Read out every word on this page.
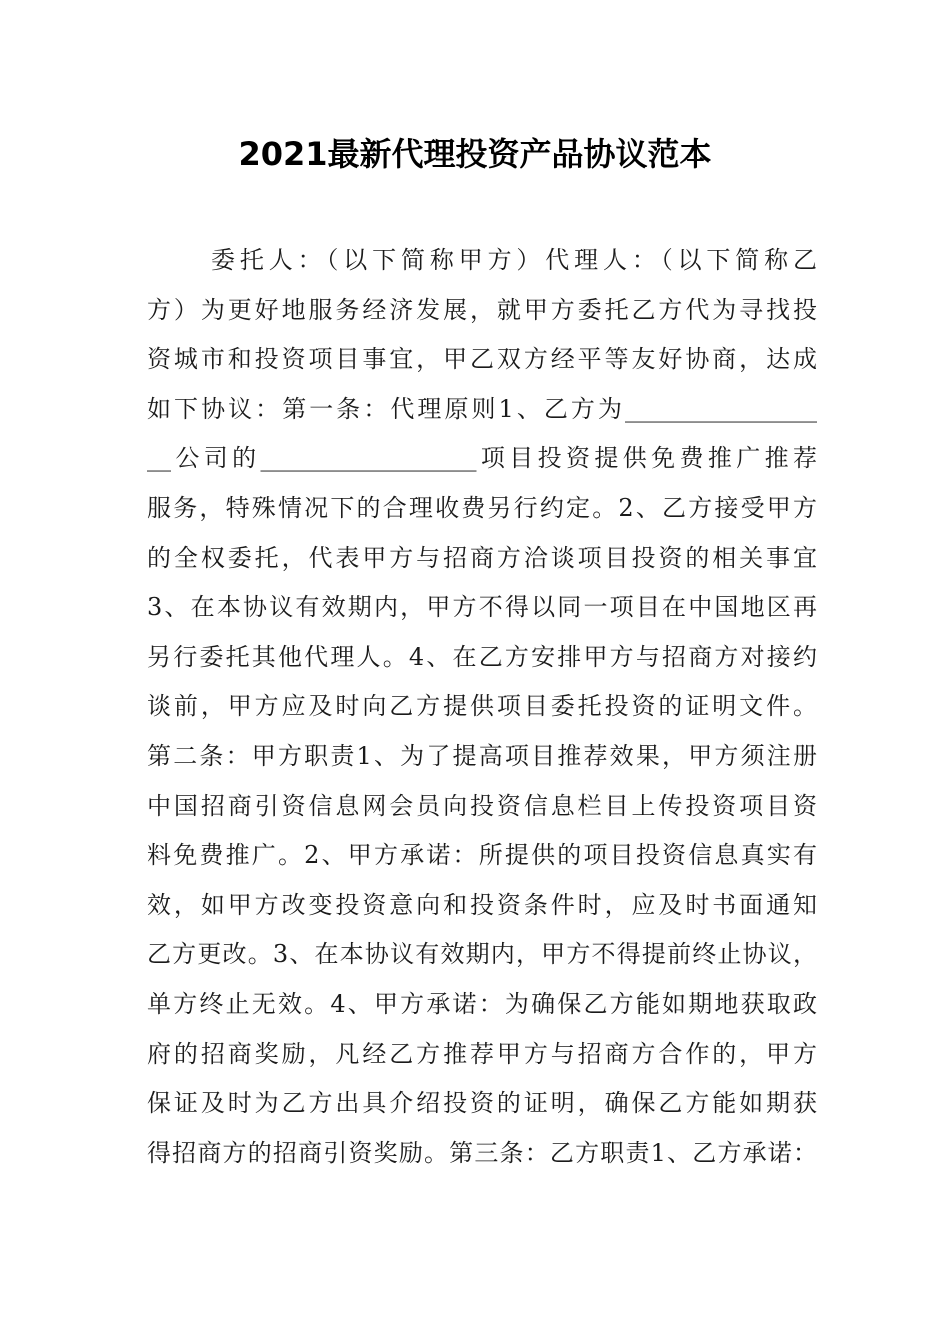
2021最新代理投资产品协议范本
委托人：（以下简称甲方）代理人：（以下简称乙
方）为更好地服务经济发展，就甲方委托乙方代为寻找投
资城市和投资项目事宜，甲乙双方经平等友好协商，达成
如下协议：第一条：代理原则1、乙方为________________
__公司的__________________项目投资提供免费推广推荐
服务，特殊情况下的合理收费另行约定。2、乙方接受甲方
的全权委托，代表甲方与招商方洽谈项目投资的相关事宜
3、在本协议有效期内，甲方不得以同一项目在中国地区再
另行委托其他代理人。4、在乙方安排甲方与招商方对接约
谈前，甲方应及时向乙方提供项目委托投资的证明文件。
第二条：甲方职责1、为了提高项目推荐效果，甲方须注册
中国招商引资信息网会员向投资信息栏目上传投资项目资
料免费推广。2、甲方承诺：所提供的项目投资信息真实有
效，如甲方改变投资意向和投资条件时，应及时书面通知
乙方更改。3、在本协议有效期内，甲方不得提前终止协议，
单方终止无效。4、甲方承诺：为确保乙方能如期地获取政
府的招商奖励，凡经乙方推荐甲方与招商方合作的，甲方
保证及时为乙方出具介绍投资的证明，确保乙方能如期获
得招商方的招商引资奖励。第三条：乙方职责1、乙方承诺：
